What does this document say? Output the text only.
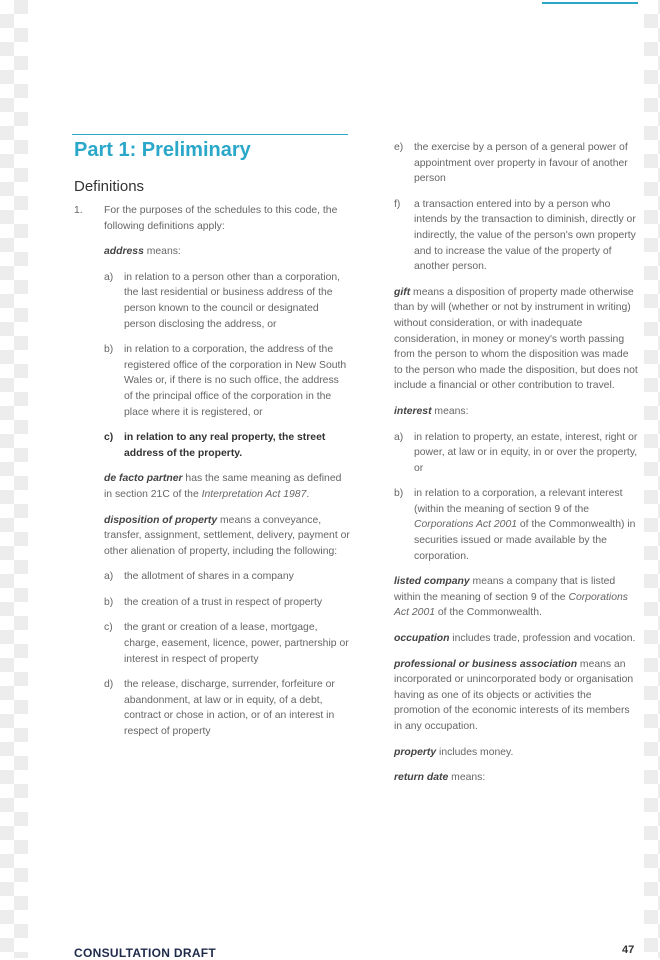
Part 1: Preliminary
Definitions
1.	For the purposes of the schedules to this code, the following definitions apply:

address means:

a)	in relation to a person other than a corporation, the last residential or business address of the person known to the council or designated person disclosing the address, or
b)	in relation to a corporation, the address of the registered office of the corporation in New South Wales or, if there is no such office, the address of the principal office of the corporation in the place where it is registered, or
c)	in relation to any real property, the street address of the property.

de facto partner has the same meaning as defined in section 21C of the Interpretation Act 1987.

disposition of property means a conveyance, transfer, assignment, settlement, delivery, payment or other alienation of property, including the following:

a)	the allotment of shares in a company
b)	the creation of a trust in respect of property
c)	the grant or creation of a lease, mortgage, charge, easement, licence, power, partnership or interest in respect of property
d)	the release, discharge, surrender, forfeiture or abandonment, at law or in equity, of a debt, contract or chose in action, or of an interest in respect of property
e)	the exercise by a person of a general power of appointment over property in favour of another person
f)	a transaction entered into by a person who intends by the transaction to diminish, directly or indirectly, the value of the person's own property and to increase the value of the property of another person.

gift means a disposition of property made otherwise than by will (whether or not by instrument in writing) without consideration, or with inadequate consideration, in money or money's worth passing from the person to whom the disposition was made to the person who made the disposition, but does not include a financial or other contribution to travel.

interest means:

a)	in relation to property, an estate, interest, right or power, at law or in equity, in or over the property, or
b)	in relation to a corporation, a relevant interest (within the meaning of section 9 of the Corporations Act 2001 of the Commonwealth) in securities issued or made available by the corporation.

listed company means a company that is listed within the meaning of section 9 of the Corporations Act 2001 of the Commonwealth.

occupation includes trade, profession and vocation.

professional or business association means an incorporated or unincorporated body or organisation having as one of its objects or activities the promotion of the economic interests of its members in any occupation.

property includes money.

return date means:

CONSULTATION DRAFT	47
